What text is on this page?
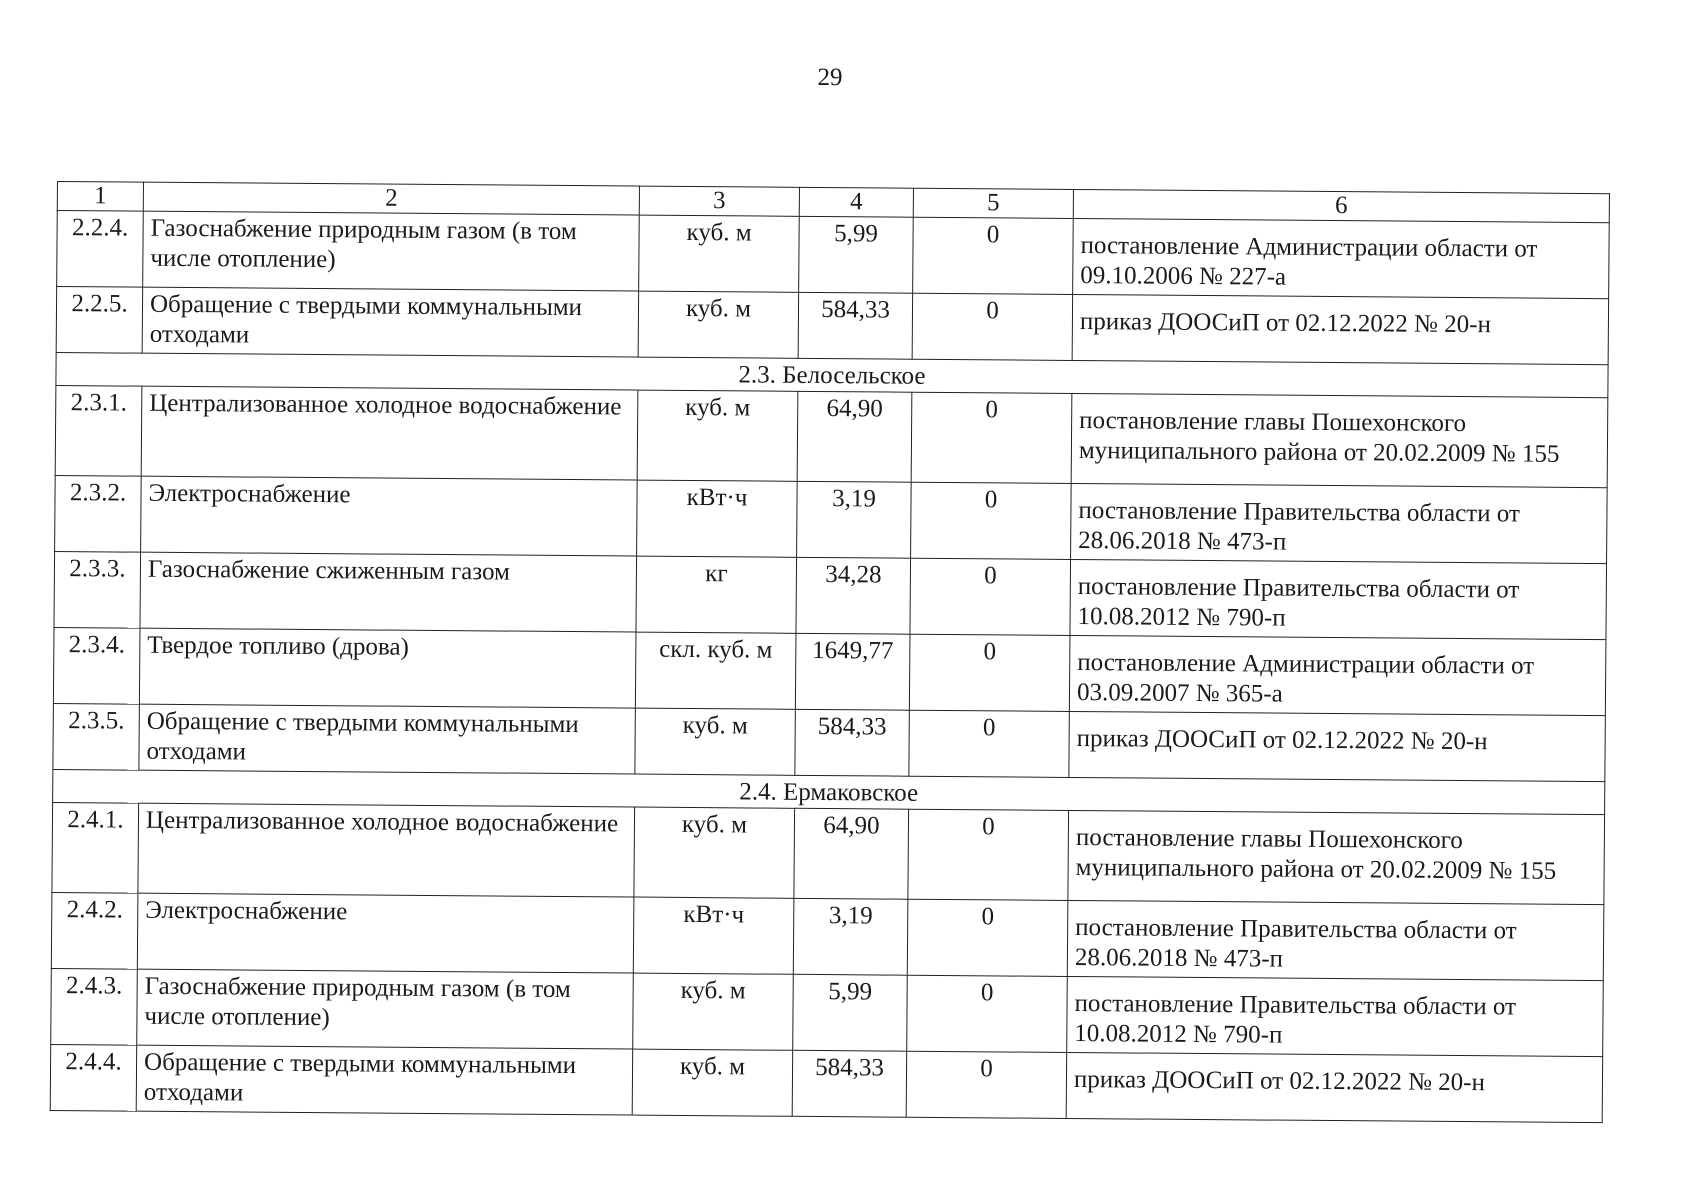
29
1	2	3	4	5	6
2.2.4.	Газоснабжение природным газом (в том числе отопление)	куб. м	5,99	0	постановление Администрации области от 09.10.2006 № 227-а
2.2.5.	Обращение с твердыми коммунальными отходами	куб. м	584,33	0	приказ ДООСиП от 02.12.2022 № 20-н
2.3. Белосельское					
2.3.1.	Централизованное холодное водоснабжение	куб. м	64,90	0	постановление главы Пошехонского муниципального района от 20.02.2009 № 155
2.3.2.	Электроснабжение	кВт·ч	3,19	0	постановление Правительства области от 28.06.2018 № 473-п
2.3.3.	Газоснабжение сжиженным газом	кг	34,28	0	постановление Правительства области от 10.08.2012 № 790-п
2.3.4.	Твердое топливо (дрова)	скл. куб. м	1649,77	0	постановление Администрации области от 03.09.2007 № 365-а
2.3.5.	Обращение с твердыми коммунальными отходами	куб. м	584,33	0	приказ ДООСиП от 02.12.2022 № 20-н
2.4. Ермаковское					
2.4.1.	Централизованное холодное водоснабжение	куб. м	64,90	0	постановление главы Пошехонского муниципального района от 20.02.2009 № 155
2.4.2.	Электроснабжение	кВт·ч	3,19	0	постановление Правительства области от 28.06.2018 № 473-п
2.4.3.	Газоснабжение природным газом (в том числе отопление)	куб. м	5,99	0	постановление Правительства области от 10.08.2012 № 790-п
2.4.4.	Обращение с твердыми коммунальными отходами	куб. м	584,33	0	приказ ДООСиП от 02.12.2022 № 20-н
